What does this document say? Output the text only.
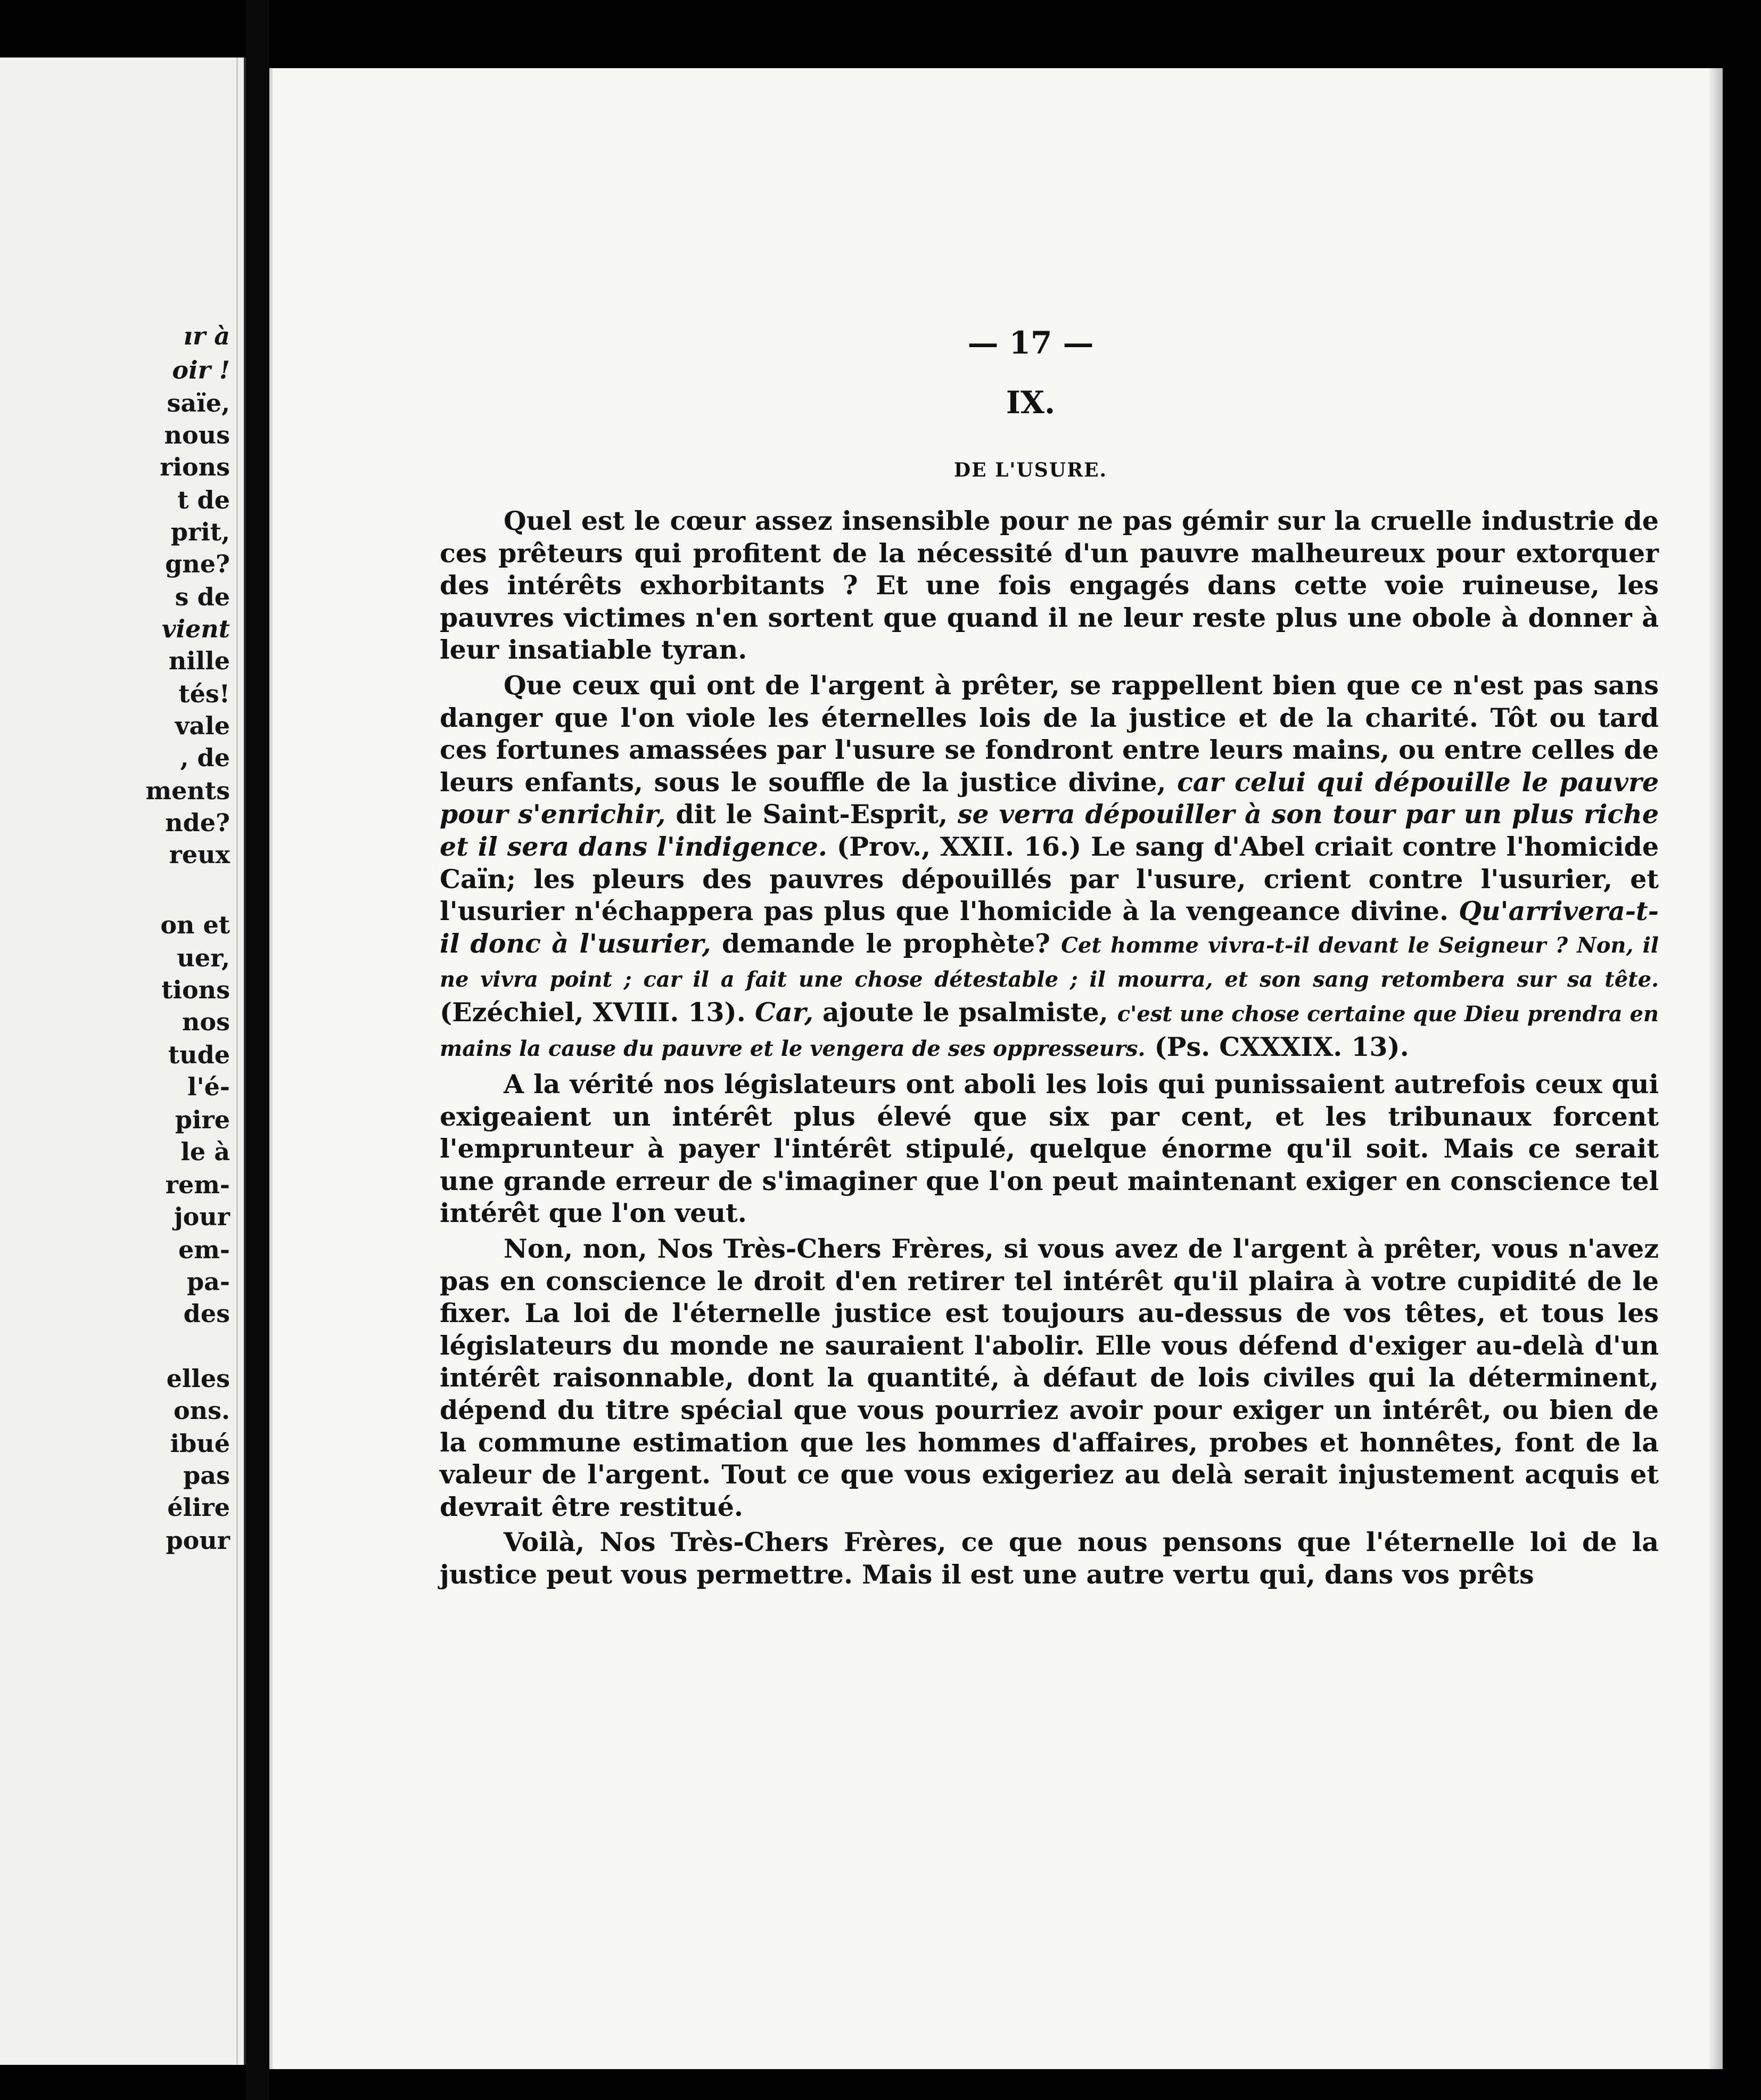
ır à
oir !
saïe,
nous
rions
t de
prit,
gne?
s de
vient
nille
tés!
vale
, de
ments
nde?
reux
on et
uer,
tions
nos
tude
l'é-
pire
le à
rem-
jour
em-
pa-
des
elles
ons.
ibué
pas
élire
pour
— 17 —
IX.
DE L'USURE.

Quel est le cœur assez insensible pour ne pas gémir sur la cruelle industrie de ces prêteurs qui profitent de la nécessité d'un pauvre malheureux pour extorquer des intérêts exhorbitants ? Et une fois engagés dans cette voie ruineuse, les pauvres victimes n'en sortent que quand il ne leur reste plus une obole à donner à leur insatiable tyran.

Que ceux qui ont de l'argent à prêter, se rappellent bien que ce n'est pas sans danger que l'on viole les éternelles lois de la justice et de la charité. Tôt ou tard ces fortunes amassées par l'usure se fondront entre leurs mains, ou entre celles de leurs enfants, sous le souffle de la justice divine, car celui qui dépouille le pauvre pour s'enrichir, dit le Saint-Esprit, se verra dépouiller à son tour par un plus riche et il sera dans l'indigence. (Prov., XXII. 16.) Le sang d'Abel criait contre l'homicide Caïn; les pleurs des pauvres dépouillés par l'usure, crient contre l'usurier, et l'usurier n'échappera pas plus que l'homicide à la vengeance divine. Qu'arrivera-t-il donc à l'usurier, demande le prophète? Cet homme vivra-t-il devant le Seigneur ? Non, il ne vivra point ; car il a fait une chose détestable ; il mourra, et son sang retombera sur sa tête. (Ezéchiel, XVIII. 13). Car, ajoute le psalmiste, c'est une chose certaine que Dieu prendra en mains la cause du pauvre et le vengera de ses oppresseurs. (Ps. CXXXIX. 13).

A la vérité nos législateurs ont aboli les lois qui punissaient autrefois ceux qui exigeaient un intérêt plus élevé que six par cent, et les tribunaux forcent l'emprunteur à payer l'intérêt stipulé, quelque énorme qu'il soit. Mais ce serait une grande erreur de s'imaginer que l'on peut maintenant exiger en conscience tel intérêt que l'on veut.

Non, non, Nos Très-Chers Frères, si vous avez de l'argent à prêter, vous n'avez pas en conscience le droit d'en retirer tel intérêt qu'il plaira à votre cupidité de le fixer. La loi de l'éternelle justice est toujours au-dessus de vos têtes, et tous les législateurs du monde ne sauraient l'abolir. Elle vous défend d'exiger au-delà d'un intérêt raisonnable, dont la quantité, à défaut de lois civiles qui la déterminent, dépend du titre spécial que vous pourriez avoir pour exiger un intérêt, ou bien de la commune estimation que les hommes d'affaires, probes et honnêtes, font de la valeur de l'argent. Tout ce que vous exigeriez au delà serait injustement acquis et devrait être restitué.

Voilà, Nos Très-Chers Frères, ce que nous pensons que l'éternelle loi de la justice peut vous permettre. Mais il est une autre vertu qui, dans vos prêts
